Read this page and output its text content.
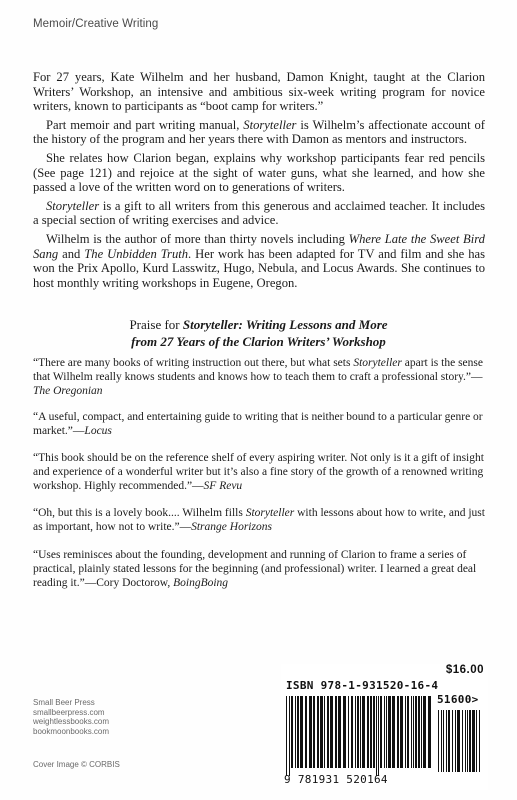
Memoir/Creative Writing

For 27 years, Kate Wilhelm and her husband, Damon Knight, taught at the Clarion Writers’ Workshop, an intensive and ambitious six-week writing program for novice writers, known to participants as “boot camp for writers.”

Part memoir and part writing manual, Storyteller is Wilhelm’s affectionate account of the history of the program and her years there with Damon as mentors and instructors.

She relates how Clarion began, explains why workshop participants fear red pencils (See page 121) and rejoice at the sight of water guns, what she learned, and how she passed a love of the written word on to generations of writers.

Storyteller is a gift to all writers from this generous and acclaimed teacher. It includes a special section of writing exercises and advice.

Wilhelm is the author of more than thirty novels including Where Late the Sweet Bird Sang and The Unbidden Truth. Her work has been adapted for TV and film and she has won the Prix Apollo, Kurd Lasswitz, Hugo, Nebula, and Locus Awards. She continues to host monthly writing workshops in Eugene, Oregon.

Praise for Storyteller: Writing Lessons and More
from 27 Years of the Clarion Writers’ Workshop

“There are many books of writing instruction out there, but what sets Storyteller apart is the sense that Wilhelm really knows students and knows how to teach them to craft a professional story.”—The Oregonian

“A useful, compact, and entertaining guide to writing that is neither bound to a particular genre or market.”—Locus

“This book should be on the reference shelf of every aspiring writer. Not only is it a gift of insight and experience of a wonderful writer but it’s also a fine story of the growth of a renowned writing workshop. Highly recommended.”—SF Revu

“Oh, but this is a lovely book.... Wilhelm fills Storyteller with lessons about how to write, and just as important, how not to write.”—Strange Horizons

“Uses reminisces about the founding, development and running of Clarion to frame a series of practical, plainly stated lessons for the beginning (and professional) writer. I learned a great deal reading it.”—Cory Doctorow, BoingBoing

Small Beer Press
smallbeerpress.com
weightlessbooks.com
bookmoonbooks.com
Cover Image © CORBIS
$16.00
ISBN 978-1-931520-16-4
51600>
9 781931 520164
